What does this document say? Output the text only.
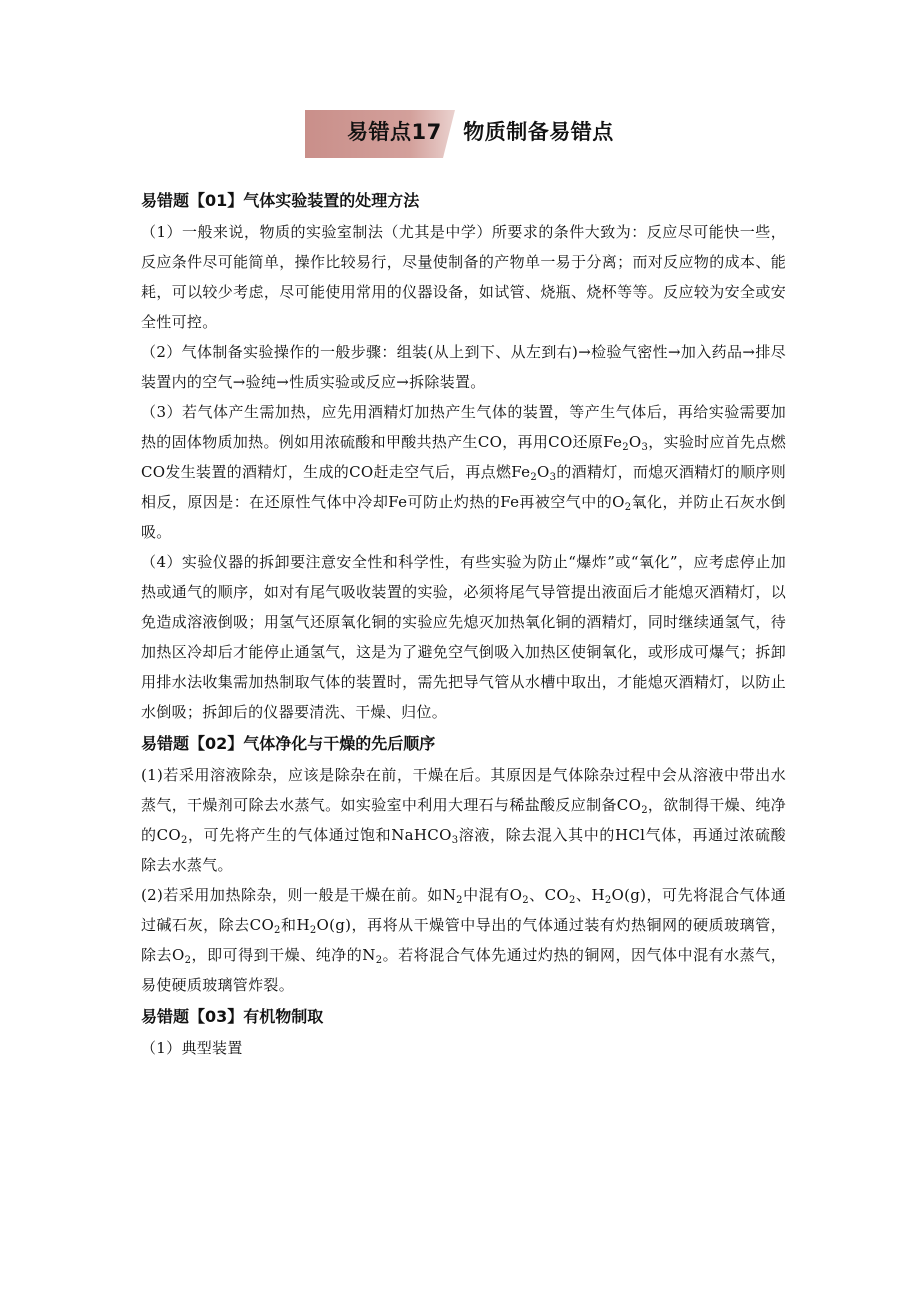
易错点17　物质制备易错点
易错题【01】气体实验装置的处理方法

（1）一般来说，物质的实验室制法（尤其是中学）所要求的条件大致为：反应尽可能快一些，反应条件尽可能简单，操作比较易行，尽量使制备的产物单一易于分离；而对反应物的成本、能耗，可以较少考虑，尽可能使用常用的仪器设备，如试管、烧瓶、烧杯等等。反应较为安全或安全性可控。

（2）气体制备实验操作的一般步骤：组装(从上到下、从左到右)→检验气密性→加入药品→排尽装置内的空气→验纯→性质实验或反应→拆除装置。

（3）若气体产生需加热，应先用酒精灯加热产生气体的装置，等产生气体后，再给实验需要加热的固体物质加热。例如用浓硫酸和甲酸共热产生CO，再用CO还原$Fe_2O_3$，实验时应首先点燃CO发生装置的酒精灯，生成的CO赶走空气后，再点燃$Fe_2O_3$的酒精灯，而熄灭酒精灯的顺序则相反，原因是：在还原性气体中冷却Fe可防止灼热的Fe再被空气中的$O_2$氧化，并防止石灰水倒吸。

（4）实验仪器的拆卸要注意安全性和科学性，有些实验为防止“爆炸”或“氧化”，应考虑停止加热或通气的顺序，如对有尾气吸收装置的实验，必须将尾气导管提出液面后才能熄灭酒精灯，以免造成溶液倒吸；用氢气还原氧化铜的实验应先熄灭加热氧化铜的酒精灯，同时继续通氢气，待加热区冷却后才能停止通氢气，这是为了避免空气倒吸入加热区使铜氧化，或形成可爆气；拆卸用排水法收集需加热制取气体的装置时，需先把导气管从水槽中取出，才能熄灭酒精灯，以防止水倒吸；拆卸后的仪器要清洗、干燥、归位。

易错题【02】气体净化与干燥的先后顺序

(1)若采用溶液除杂，应该是除杂在前，干燥在后。其原因是气体除杂过程中会从溶液中带出水蒸气，干燥剂可除去水蒸气。如实验室中利用大理石与稀盐酸反应制备$CO_2$，欲制得干燥、纯净的$CO_2$，可先将产生的气体通过饱和NaHCO$_3$溶液，除去混入其中的HCl气体，再通过浓硫酸除去水蒸气。

(2)若采用加热除杂，则一般是干燥在前。如$N_2$中混有$O_2$、$CO_2$、$H_2O(g)$，可先将混合气体通过碱石灰，除去$CO_2$和$H_2O(g)$，再将从干燥管中导出的气体通过装有灼热铜网的硬质玻璃管，除去$O_2$，即可得到干燥、纯净的$N_2$。若将混合气体先通过灼热的铜网，因气体中混有水蒸气，易使硬质玻璃管炸裂。

易错题【03】有机物制取

（1）典型装置
